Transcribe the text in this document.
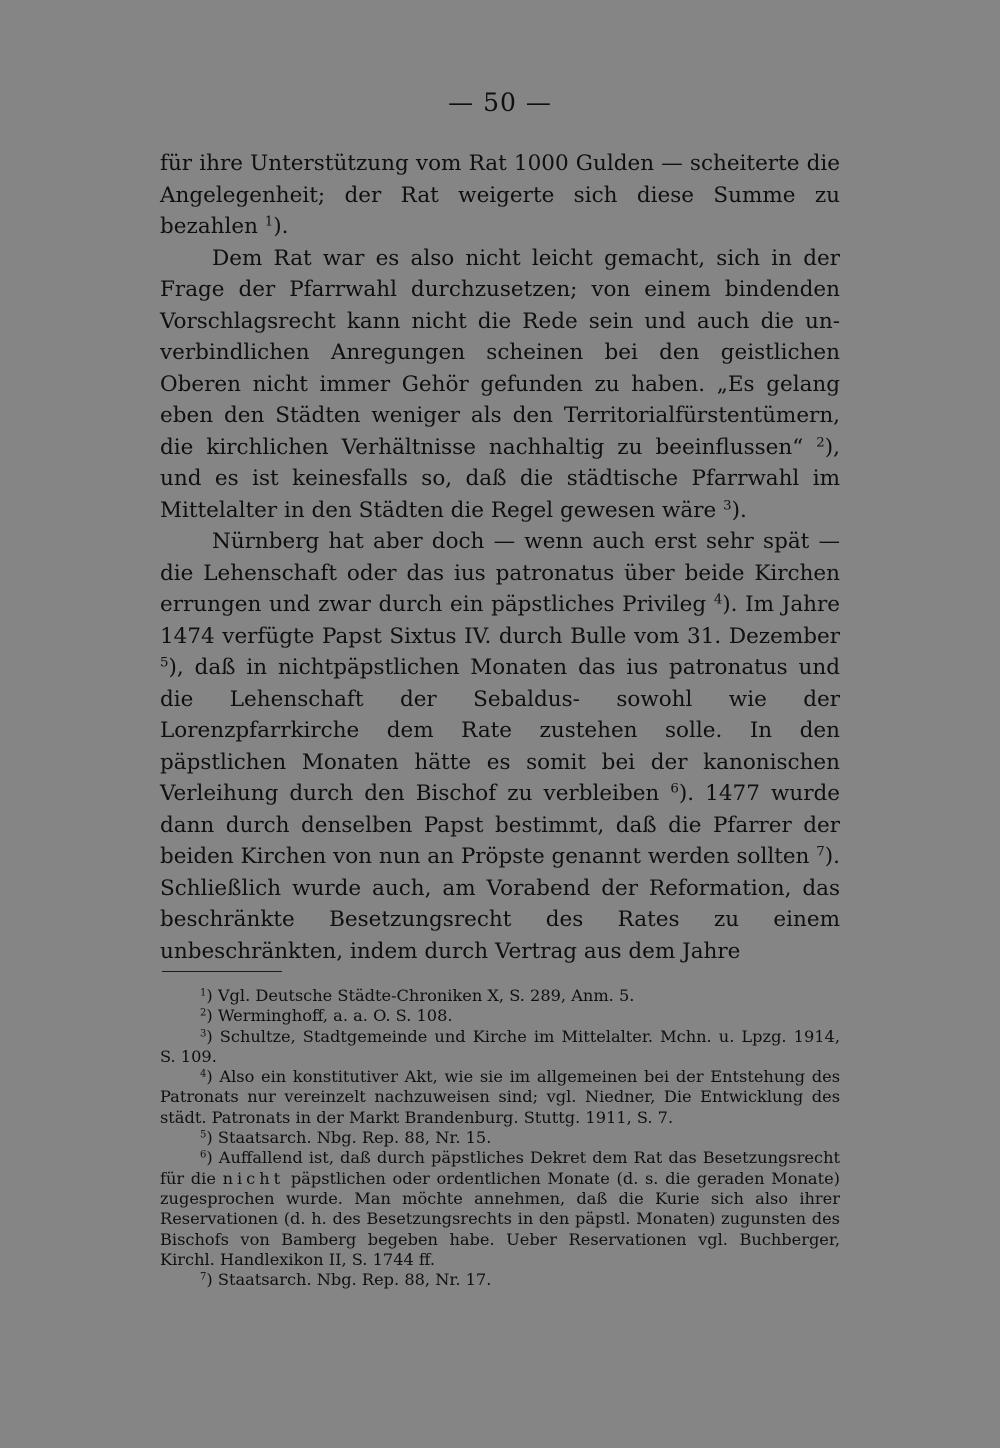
— 50 —

für ihre Unterstützung vom Rat 1000 Gulden — scheiterte die Angelegenheit; der Rat weigerte sich diese Summe zu bezahlen $^1$).

Dem Rat war es also nicht leicht gemacht, sich in der Frage der Pfarrwahl durchzusetzen; von einem bindenden Vorschlagsrecht kann nicht die Rede sein und auch die unverbindlichen Anregungen scheinen bei den geistlichen Oberen nicht immer Gehör gefunden zu haben. „Es gelang eben den Städten weniger als den Territorialfürstentümern, die kirchlichen Verhältnisse nachhaltig zu beeinflussen“ $^2$), und es ist keinesfalls so, daß die städtische Pfarrwahl im Mittelalter in den Städten die Regel gewesen wäre $^3$).

Nürnberg hat aber doch — wenn auch erst sehr spät — die Lehenschaft oder das ius patronatus über beide Kirchen errungen und zwar durch ein päpstliches Privileg $^4$). Im Jahre 1474 verfügte Papst Sixtus IV. durch Bulle vom 31. Dezember $^5$), daß in nichtpäpstlichen Monaten das ius patronatus und die Lehenschaft der Sebaldus- sowohl wie der Lorenzpfarrkirche dem Rate zustehen solle. In den päpstlichen Monaten hätte es somit bei der kanonischen Verleihung durch den Bischof zu verbleiben $^6$). 1477 wurde dann durch denselben Papst bestimmt, daß die Pfarrer der beiden Kirchen von nun an Pröpste genannt werden sollten $^7$). Schließlich wurde auch, am Vorabend der Reformation, das beschränkte Besetzungsrecht des Rates zu einem unbeschränkten, indem durch Vertrag aus dem Jahre

$^1$) Vgl. Deutsche Städte-Chroniken X, S. 289, Anm. 5.

$^2$) Werminghoff, a. a. O. S. 108.

$^3$) Schultze, Stadtgemeinde und Kirche im Mittelalter. Mchn. u. Lpzg. 1914, S. 109.

$^4$) Also ein konstitutiver Akt, wie sie im allgemeinen bei der Entstehung des Patronats nur vereinzelt nachzuweisen sind; vgl. Niedner, Die Entwicklung des städt. Patronats in der Markt Brandenburg. Stuttg. 1911, S. 7.

$^5$) Staatsarch. Nbg. Rep. 88, Nr. 15.

$^6$) Auffallend ist, daß durch päpstliches Dekret dem Rat das Besetzungsrecht für die nicht päpstlichen oder ordentlichen Monate (d. s. die geraden Monate) zugesprochen wurde. Man möchte annehmen, daß die Kurie sich also ihrer Reservationen (d. h. des Besetzungsrechts in den päpstl. Monaten) zugunsten des Bischofs von Bamberg begeben habe. Ueber Reservationen vgl. Buchberger, Kirchl. Handlexikon II, S. 1744 ff.

$^7$) Staatsarch. Nbg. Rep. 88, Nr. 17.
